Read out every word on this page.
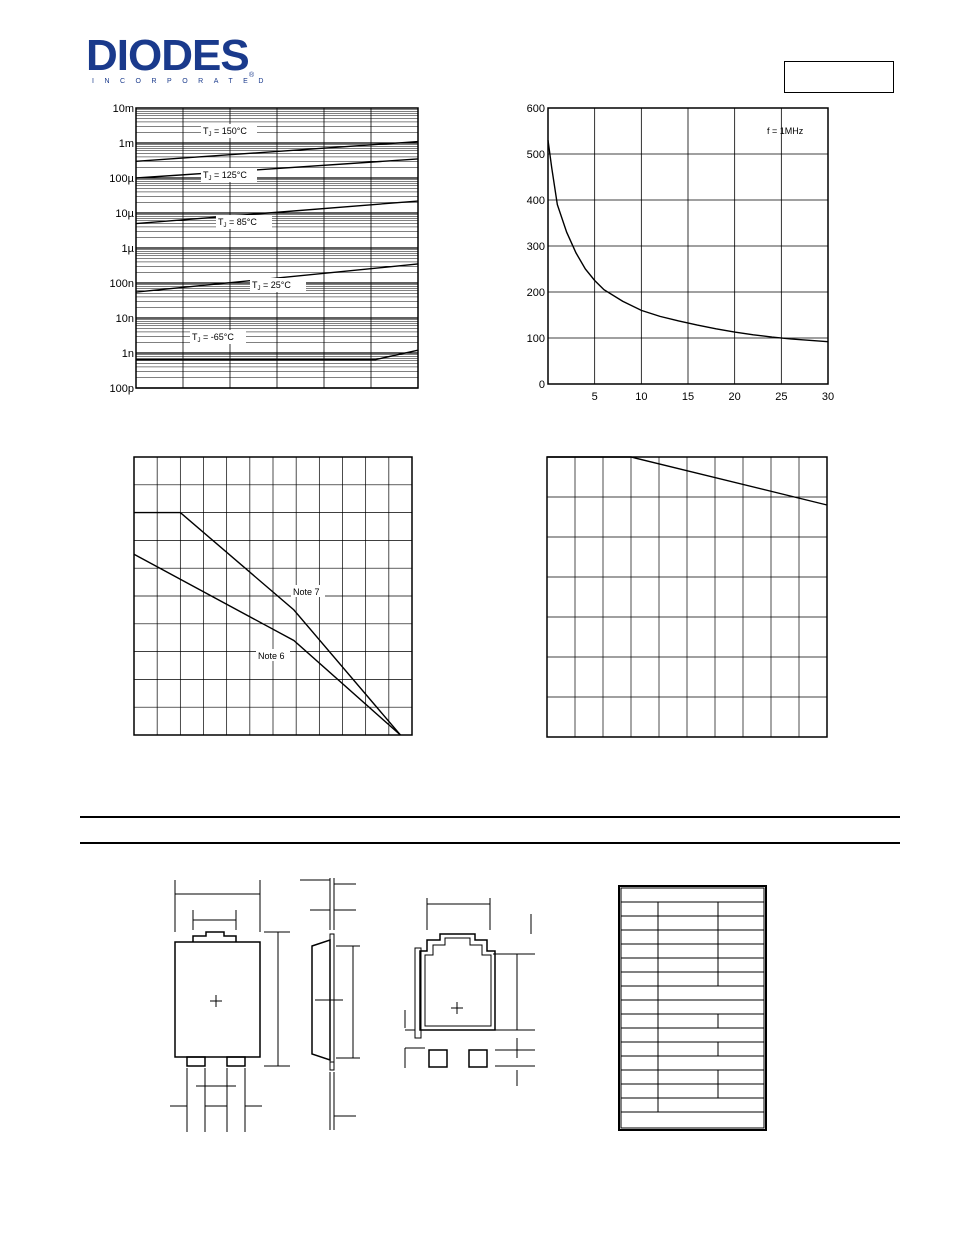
DIODES
INCORPORATED
®
10m
1m
100µ
10µ
1µ
100n
10n
1n
100p
$T_J = 150^\circ C$
$T_J = 125^\circ C$
$T_J = 85^\circ C$
$T_J = 25^\circ C$
$T_J = -65^\circ C$
600
500
400
300
200
100
0
5	10	15	20	25	30
f = 1MHz
Note 7
Note 6
